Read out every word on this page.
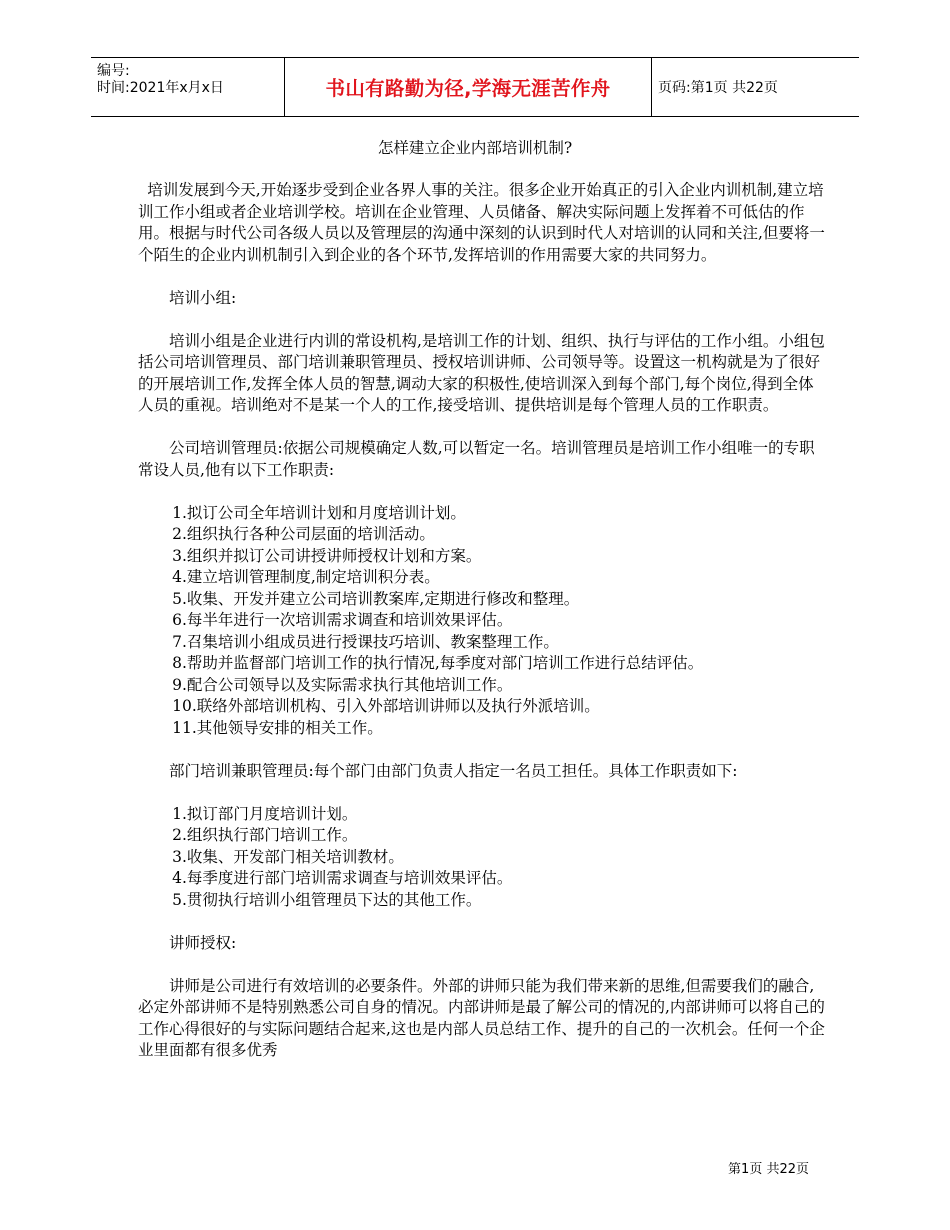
编号:
时间:2021年x月x日	书山有路勤为径,学海无涯苦作舟	页码:第1页 共22页
怎样建立企业内部培训机制?

培训发展到今天,开始逐步受到企业各界人事的关注。很多企业开始真正的引入企业内训机制,建立培训工作小组或者企业培训学校。培训在企业管理、人员储备、解决实际问题上发挥着不可低估的作用。根据与时代公司各级人员以及管理层的沟通中深刻的认识到时代人对培训的认同和关注,但要将一个陌生的企业内训机制引入到企业的各个环节,发挥培训的作用需要大家的共同努力。

培训小组:

培训小组是企业进行内训的常设机构,是培训工作的计划、组织、执行与评估的工作小组。小组包括公司培训管理员、部门培训兼职管理员、授权培训讲师、公司领导等。设置这一机构就是为了很好的开展培训工作,发挥全体人员的智慧,调动大家的积极性,使培训深入到每个部门,每个岗位,得到全体人员的重视。培训绝对不是某一个人的工作,接受培训、提供培训是每个管理人员的工作职责。

公司培训管理员:依据公司规模确定人数,可以暂定一名。培训管理员是培训工作小组唯一的专职常设人员,他有以下工作职责:

1.拟订公司全年培训计划和月度培训计划。
2.组织执行各种公司层面的培训活动。
3.组织并拟订公司讲授讲师授权计划和方案。
4.建立培训管理制度,制定培训积分表。
5.收集、开发并建立公司培训教案库,定期进行修改和整理。
6.每半年进行一次培训需求调查和培训效果评估。
7.召集培训小组成员进行授课技巧培训、教案整理工作。
8.帮助并监督部门培训工作的执行情况,每季度对部门培训工作进行总结评估。
9.配合公司领导以及实际需求执行其他培训工作。
10.联络外部培训机构、引入外部培训讲师以及执行外派培训。
11.其他领导安排的相关工作。

部门培训兼职管理员:每个部门由部门负责人指定一名员工担任。具体工作职责如下:

1.拟订部门月度培训计划。
2.组织执行部门培训工作。
3.收集、开发部门相关培训教材。
4.每季度进行部门培训需求调查与培训效果评估。
5.贯彻执行培训小组管理员下达的其他工作。

讲师授权:

讲师是公司进行有效培训的必要条件。外部的讲师只能为我们带来新的思维,但需要我们的融合,必定外部讲师不是特别熟悉公司自身的情况。内部讲师是最了解公司的情况的,内部讲师可以将自己的工作心得很好的与实际问题结合起来,这也是内部人员总结工作、提升的自己的一次机会。任何一个企业里面都有很多优秀

第1页 共22页
